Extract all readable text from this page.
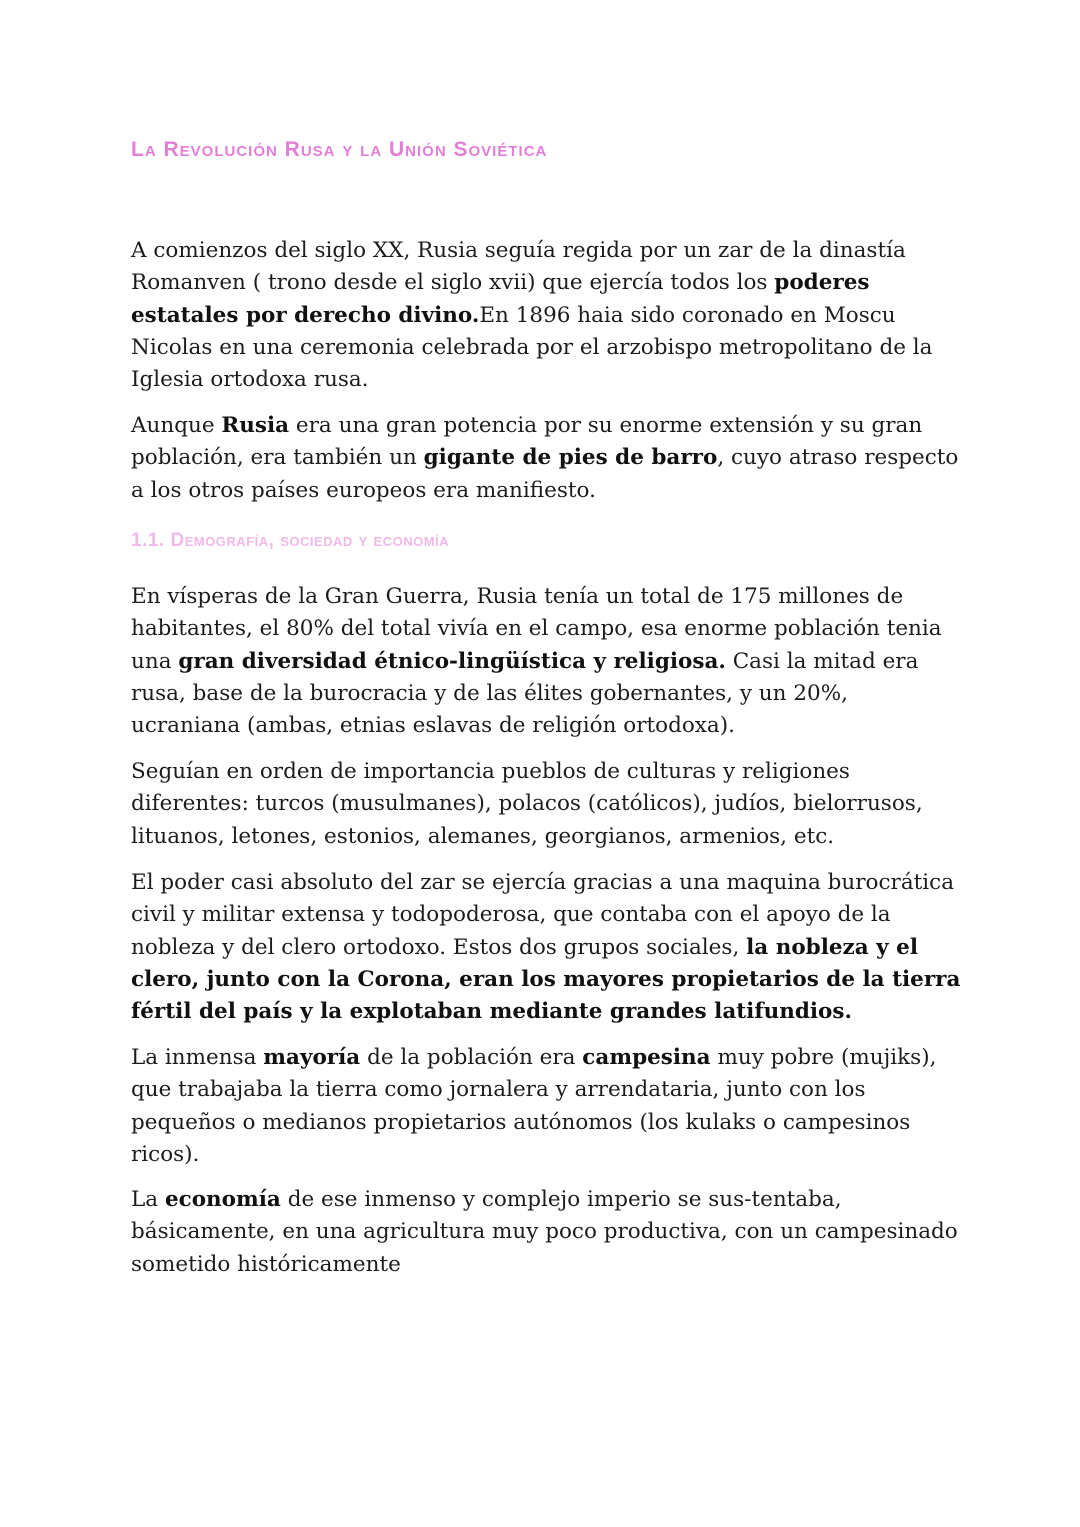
La Revolución Rusa y la Unión Soviética

A comienzos del siglo XX, Rusia seguía regida por un zar de la dinastía Romanven ( trono desde el siglo xvii) que ejercía todos los poderes estatales por derecho divino.En 1896 haia sido coronado en Moscu Nicolas en una ceremonia celebrada por el arzobispo metropolitano de la Iglesia ortodoxa rusa.

Aunque Rusia era una gran potencia por su enorme extensión y su gran población, era también un gigante de pies de barro, cuyo atraso respecto a los otros países europeos era manifiesto.

1.1. Demografía, sociedad y economía

En vísperas de la Gran Guerra, Rusia tenía un total de 175 millones de habitantes, el 80% del total vivía en el campo, esa enorme población tenia una gran diversidad étnico-lingüística y religiosa. Casi la mitad era rusa, base de la burocracia y de las élites gobernantes, y un 20%, ucraniana (ambas, etnias eslavas de religión ortodoxa).

Seguían en orden de importancia pueblos de culturas y religiones diferentes: turcos (musulmanes), polacos (católicos), judíos, bielorrusos, lituanos, letones, estonios, alemanes, georgianos, armenios, etc.

El poder casi absoluto del zar se ejercía gracias a una maquina burocrática civil y militar extensa y todopoderosa, que contaba con el apoyo de la nobleza y del clero ortodoxo. Estos dos grupos sociales, la nobleza y el clero, junto con la Corona, eran los mayores propietarios de la tierra fértil del país y la explotaban mediante grandes latifundios.

La inmensa mayoría de la población era campesina muy pobre (mujiks), que trabajaba la tierra como jornalera y arrendataria, junto con los pequeños o medianos propietarios autónomos (los kulaks o campesinos ricos).

La economía de ese inmenso y complejo imperio se sus-tentaba, básicamente, en una agricultura muy poco productiva, con un campesinado sometido históricamente
